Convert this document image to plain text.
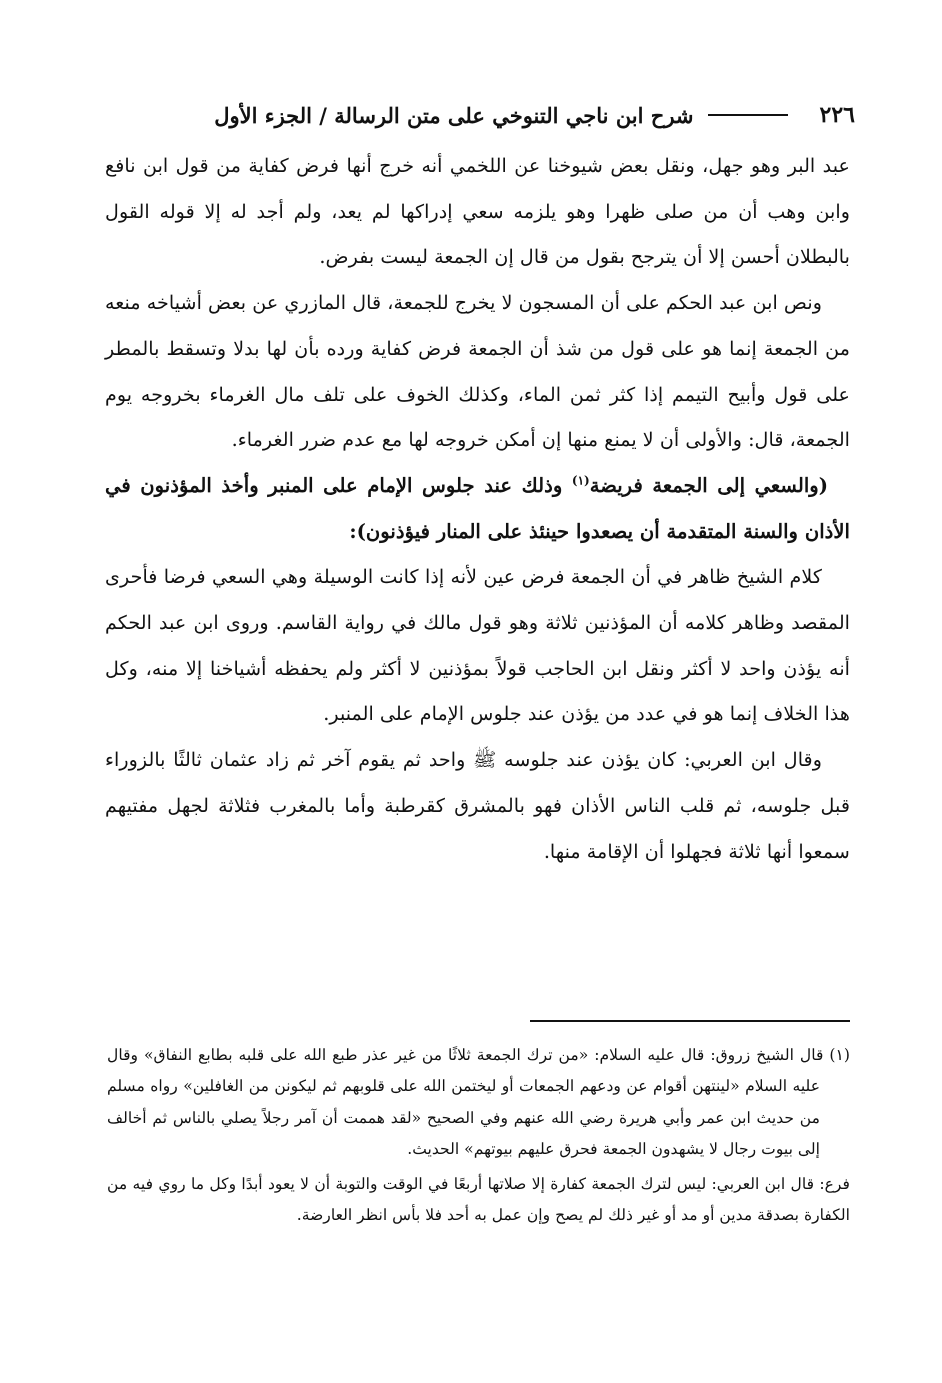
٢٢٦
شرح ابن ناجي التنوخي على متن الرسالة / الجزء الأول

عبد البر وهو جهل، ونقل بعض شيوخنا عن اللخمي أنه خرج أنها فرض كفاية من قول ابن نافع وابن وهب أن من صلى ظهرا وهو يلزمه سعي إدراكها لم يعد، ولم أجد له إلا قوله القول بالبطلان أحسن إلا أن يترجح بقول من قال إن الجمعة ليست بفرض.

ونص ابن عبد الحكم على أن المسجون لا يخرج للجمعة، قال المازري عن بعض أشياخه منعه من الجمعة إنما هو على قول من شذ أن الجمعة فرض كفاية ورده بأن لها بدلا وتسقط بالمطر على قول وأبيح التيمم إذا كثر ثمن الماء، وكذلك الخوف على تلف مال الغرماء بخروجه يوم الجمعة، قال: والأولى أن لا يمنع منها إن أمكن خروجه لها مع عدم ضرر الغرماء.

(والسعي إلى الجمعة فريضة$^{(١)}$ وذلك عند جلوس الإمام على المنبر وأخذ المؤذنون في الأذان والسنة المتقدمة أن يصعدوا حينئذ على المنار فيؤذنون):

كلام الشيخ ظاهر في أن الجمعة فرض عين لأنه إذا كانت الوسيلة وهي السعي فرضا فأحرى المقصد وظاهر كلامه أن المؤذنين ثلاثة وهو قول مالك في رواية القاسم. وروى ابن عبد الحكم أنه يؤذن واحد لا أكثر ونقل ابن الحاجب قولاً بمؤذنين لا أكثر ولم يحفظه أشياخنا إلا منه، وكل هذا الخلاف إنما هو في عدد من يؤذن عند جلوس الإمام على المنبر.

وقال ابن العربي: كان يؤذن عند جلوسه ﷺ واحد ثم يقوم آخر ثم زاد عثمان ثالثًا بالزوراء قبل جلوسه، ثم قلب الناس الأذان فهو بالمشرق كقرطبة وأما بالمغرب فثلاثة لجهل مفتيهم سمعوا أنها ثلاثة فجهلوا أن الإقامة منها.

(١) قال الشيخ زروق: قال عليه السلام: «من ترك الجمعة ثلاثًا من غير عذر طبع الله على قلبه بطابع النفاق» وقال عليه السلام «لينتهن أقوام عن ودعهم الجمعات أو ليختمن الله على قلوبهم ثم ليكونن من الغافلين» رواه مسلم من حديث ابن عمر وأبي هريرة رضي الله عنهم وفي الصحيح «لقد هممت أن آمر رجلاً يصلي بالناس ثم أخالف إلى بيوت رجال لا يشهدون الجمعة فحرق عليهم بيوتهم» الحديث.

فرع: قال ابن العربي: ليس لترك الجمعة كفارة إلا صلاتها أربعًا في الوقت والتوبة أن لا يعود أبدًا وكل ما روي فيه من الكفارة بصدقة مدين أو مد أو غير ذلك لم يصح وإن عمل به أحد فلا بأس انظر العارضة.
